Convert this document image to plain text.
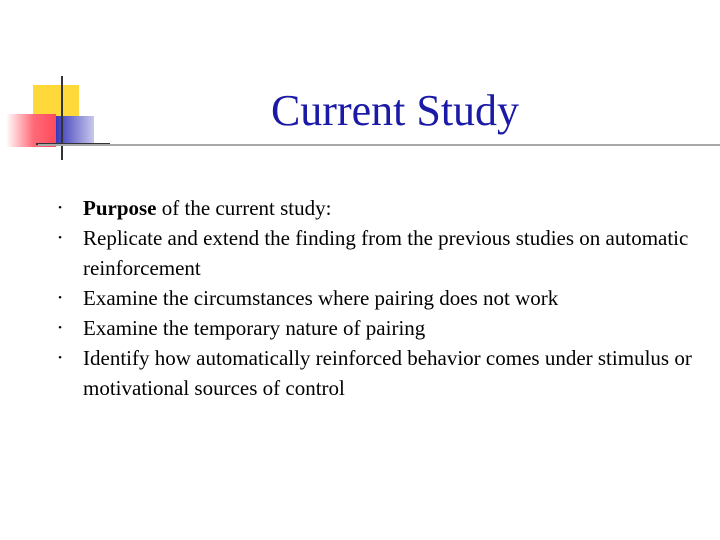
Current Study
• Purpose of the current study:
• Replicate and extend the finding from the previous studies on automatic reinforcement
• Examine the circumstances where pairing does not work
• Examine the temporary nature of pairing
• Identify how automatically reinforced behavior comes under stimulus or motivational sources of control
